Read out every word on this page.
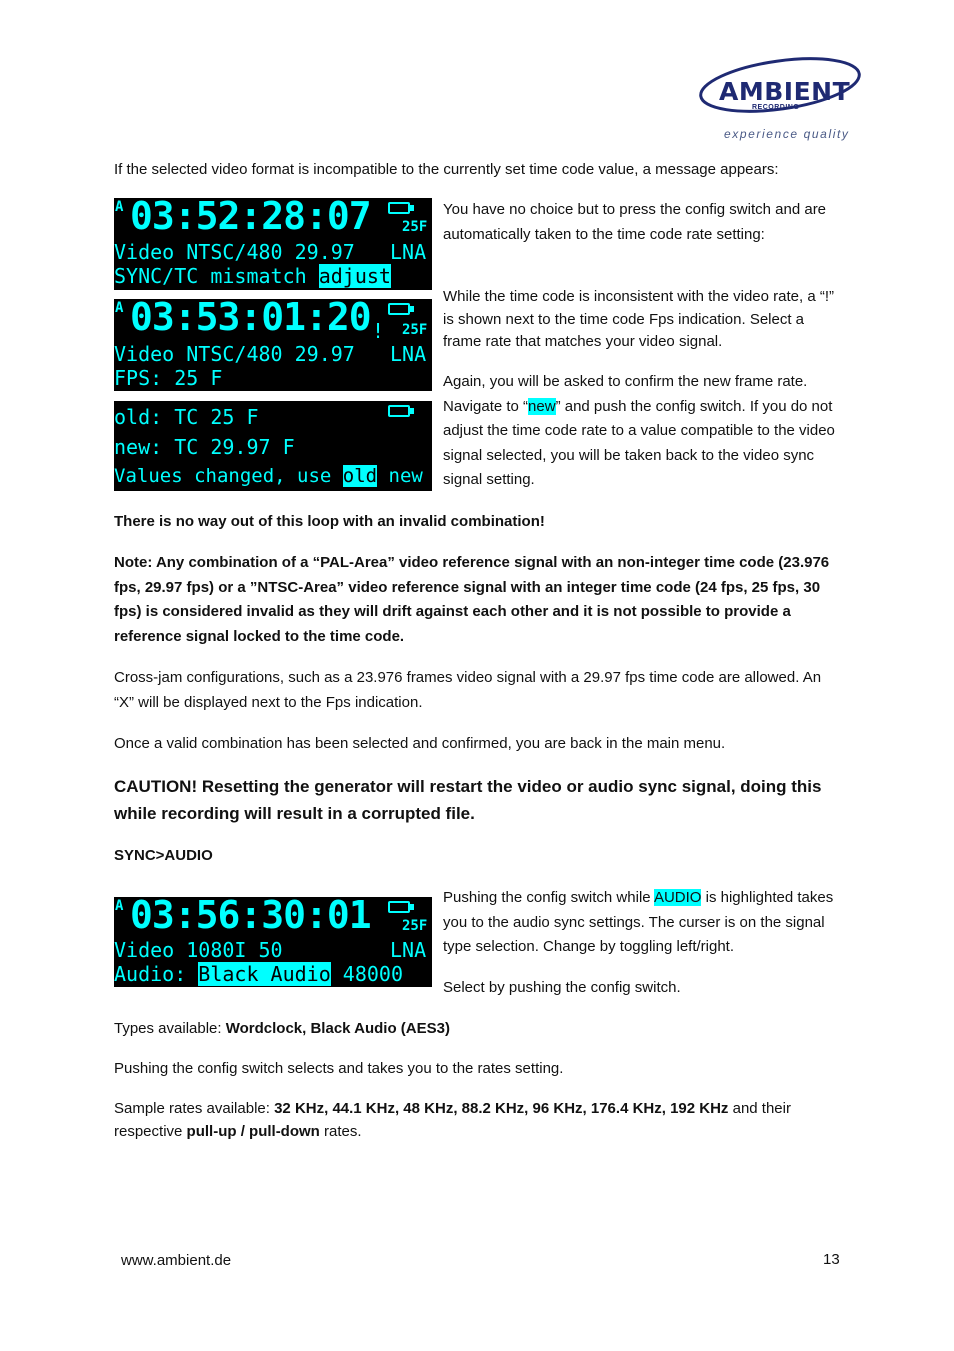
AMBIENT
RECORDING
experience quality

If the selected video format is incompatible to the currently set time code value, a message appears:

A 03:52:28:07 25F
Video NTSC/480 29.97 LNA
SYNC/TC mismatch adjust
A 03:53:01:20 ! 25F
Video NTSC/480 29.97 LNA
FPS: 25 F
old: TC 25 F
new: TC 29.97 F
Values changed, use old new

You have no choice but to press the config switch and are automatically taken to the time code rate setting:

While the time code is inconsistent with the video rate, a “!” is shown next to the time code Fps indication. Select a frame rate that matches your video signal.

Again, you will be asked to confirm the new frame rate. Navigate to “new” and push the config switch. If you do not adjust the time code rate to a value compatible to the video signal selected, you will be taken back to the video sync signal setting.

There is no way out of this loop with an invalid combination!

Note: Any combination of a “PAL-Area” video reference signal with an non-integer time code (23.976 fps, 29.97 fps) or a ”NTSC-Area” video reference signal with an integer time code (24 fps, 25 fps, 30 fps) is considered invalid as they will drift against each other and it is not possible to provide a reference signal locked to the time code.

Cross-jam configurations, such as a 23.976 frames video signal with a 29.97 fps time code are allowed. An “X” will be displayed next to the Fps indication.

Once a valid combination has been selected and confirmed, you are back in the main menu.

CAUTION! Resetting the generator will restart the video or audio sync signal, doing this while recording will result in a corrupted file.

SYNC>AUDIO

A 03:56:30:01 25F
Video 1080I 50	LNA
Audio: Black Audio 48000

Pushing the config switch while AUDIO is highlighted takes you to the audio sync settings. The curser is on the signal type selection. Change by toggling left/right.

Select by pushing the config switch.

Types available: Wordclock, Black Audio (AES3)

Pushing the config switch selects and takes you to the rates setting.

Sample rates available: 32 KHz, 44.1 KHz, 48 KHz, 88.2 KHz, 96 KHz, 176.4 KHz, 192 KHz and their respective pull-up / pull-down rates.

www.ambient.de	13
